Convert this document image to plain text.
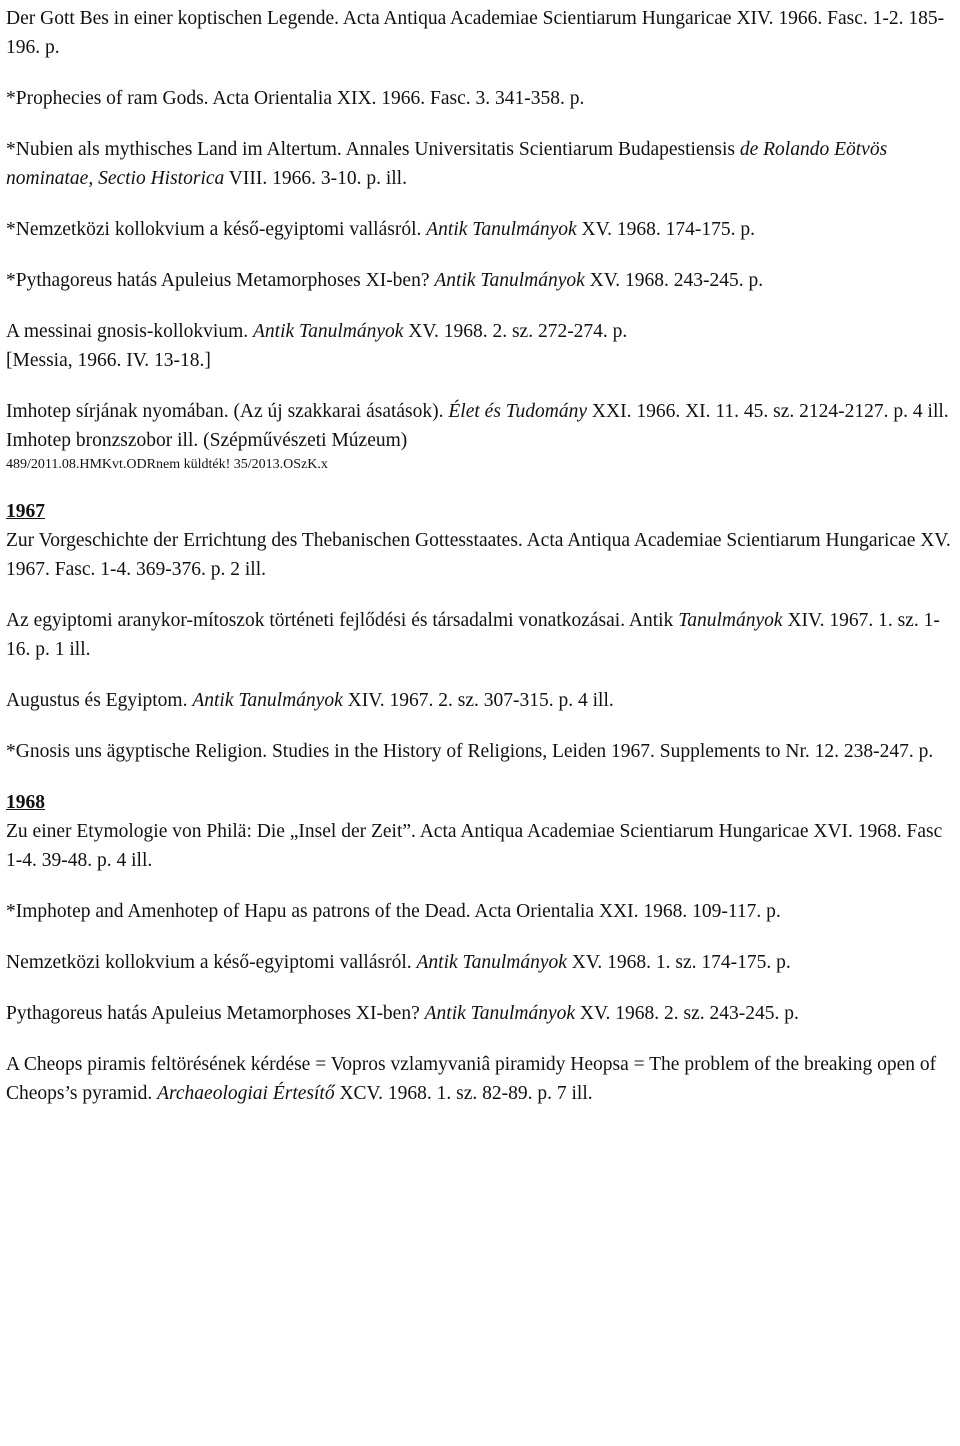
Der Gott Bes in einer koptischen Legende. Acta Antiqua Academiae Scientiarum Hungaricae XIV. 1966. Fasc. 1-2. 185-196. p.

*Prophecies of ram Gods. Acta Orientalia XIX. 1966. Fasc. 3. 341-358. p.

*Nubien als mythisches Land im Altertum. Annales Universitatis Scientiarum Budapestiensis de Rolando Eötvös nominatae, Sectio Historica VIII. 1966. 3-10. p. ill.

*Nemzetközi kollokvium a késő-egyiptomi vallásról. Antik Tanulmányok XV. 1968. 174-175. p.

*Pythagoreus hatás Apuleius Metamorphoses XI-ben? Antik Tanulmányok XV. 1968. 243-245. p.

A messinai gnosis-kollokvium. Antik Tanulmányok XV. 1968. 2. sz. 272-274. p.

[Messia, 1966. IV. 13-18.]

Imhotep sírjának nyomában. (Az új szakkarai ásatások). Élet és Tudomány XXI. 1966. XI. 11. 45. sz. 2124-2127. p. 4 ill.

Imhotep bronzszobor ill. (Szépművészeti Múzeum)

489/2011.08.HMKvt.ODRnem küldték! 35/2013.OSzK.x

1967

Zur Vorgeschichte der Errichtung des Thebanischen Gottesstaates. Acta Antiqua Academiae Scientiarum Hungaricae XV. 1967. Fasc. 1-4. 369-376. p. 2 ill.

Az egyiptomi aranykor-mítoszok történeti fejlődési és társadalmi vonatkozásai. Antik Tanulmányok XIV. 1967. 1. sz. 1-16. p. 1 ill.

Augustus és Egyiptom. Antik Tanulmányok XIV. 1967. 2. sz. 307-315. p. 4 ill.

*Gnosis uns ägyptische Religion. Studies in the History of Religions, Leiden 1967. Supplements to Nr. 12. 238-247. p.

1968

Zu einer Etymologie von Philä: Die „Insel der Zeit”. Acta Antiqua Academiae Scientiarum Hungaricae XVI. 1968. Fasc 1-4. 39-48. p. 4 ill.

*Imphotep and Amenhotep of Hapu as patrons of the Dead. Acta Orientalia XXI. 1968. 109-117. p.

Nemzetközi kollokvium a késő-egyiptomi vallásról. Antik Tanulmányok XV. 1968. 1. sz. 174-175. p.

Pythagoreus hatás Apuleius Metamorphoses XI-ben? Antik Tanulmányok XV. 1968. 2. sz. 243-245. p.

A Cheops piramis feltörésének kérdése = Vopros vzlamyvaniâ piramidy Heopsa = The problem of the breaking open of Cheops’s pyramid. Archaeologiai Értesítő XCV. 1968. 1. sz. 82-89. p. 7 ill.
